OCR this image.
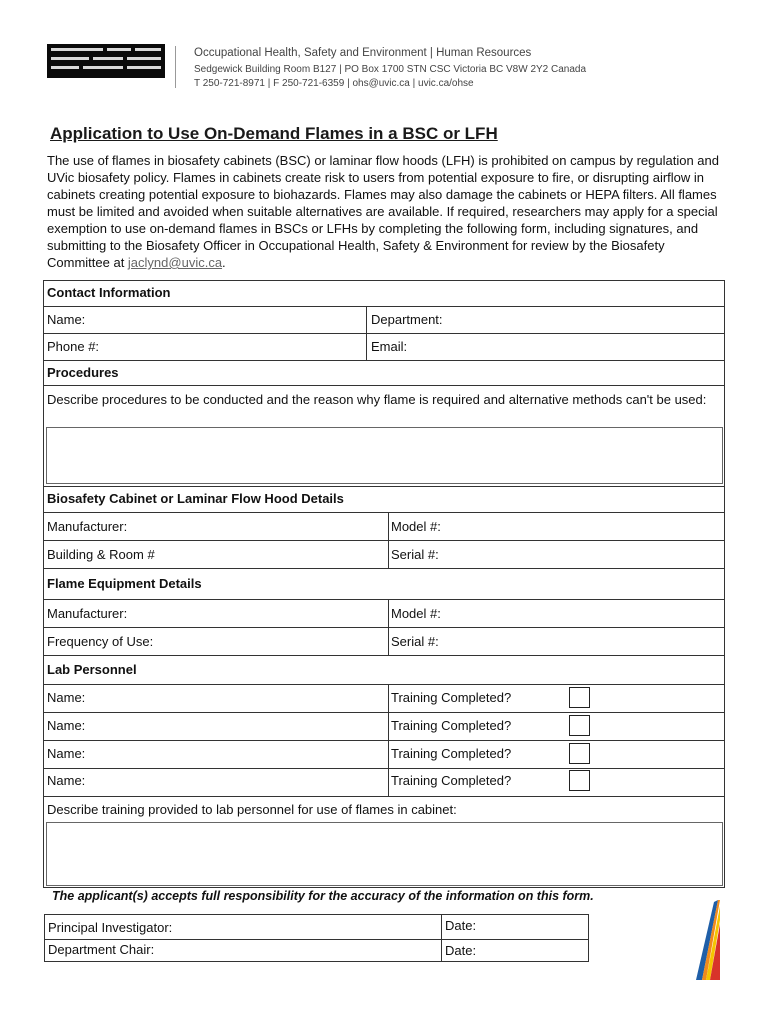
Occupational Health, Safety and Environment | Human Resources
Sedgewick Building Room B127 | PO Box 1700 STN CSC Victoria BC V8W 2Y2 Canada
T 250-721-8971 | F 250-721-6359 | ohs@uvic.ca | uvic.ca/ohse
Application to Use On-Demand Flames in a BSC or LFH
The use of flames in biosafety cabinets (BSC) or laminar flow hoods (LFH) is prohibited on campus by regulation and UVic biosafety policy. Flames in cabinets create risk to users from potential exposure to fire, or disrupting airflow in cabinets creating potential exposure to biohazards. Flames may also damage the cabinets or HEPA filters. All flames must be limited and avoided when suitable alternatives are available. If required, researchers may apply for a special exemption to use on-demand flames in BSCs or LFHs by completing the following form, including signatures, and submitting to the Biosafety Officer in Occupational Health, Safety & Environment for review by the Biosafety Committee at jaclynd@uvic.ca.
Contact Information
Name:	Department:
Phone #:	Email:
Procedures
Describe procedures to be conducted and the reason why flame is required and alternative methods can't be used:
Biosafety Cabinet or Laminar Flow Hood Details
Manufacturer:	Model #:
Building & Room #	Serial #:
Flame Equipment Details
Manufacturer:	Model #:
Frequency of Use:	Serial #:
Lab Personnel
Name:	Training Completed?
Name:	Training Completed?
Name:	Training Completed?
Name:	Training Completed?
Describe training provided to lab personnel for use of flames in cabinet:
The applicant(s) accepts full responsibility for the accuracy of the information on this form.
Principal Investigator:	Date:
Department Chair:	Date:
